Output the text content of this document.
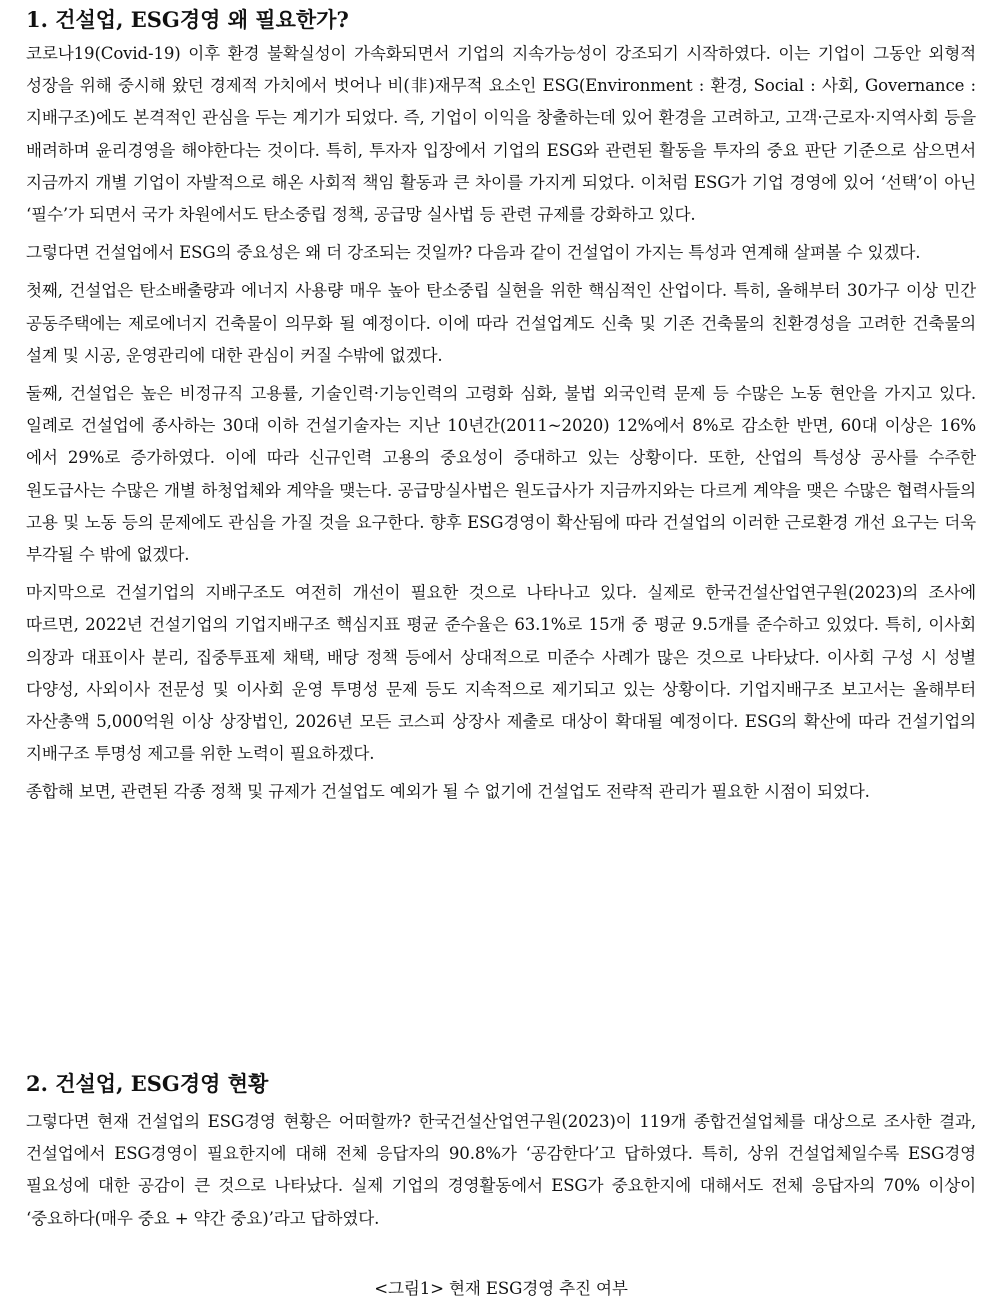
1. 건설업, ESG경영 왜 필요한가?

코로나19(Covid-19) 이후 환경 불확실성이 가속화되면서 기업의 지속가능성이 강조되기 시작하였다. 이는 기업이 그동안 외형적 성장을 위해 중시해 왔던 경제적 가치에서 벗어나 비(非)재무적 요소인 ESG(Environment : 환경, Social : 사회, Governance : 지배구조)에도 본격적인 관심을 두는 계기가 되었다. 즉, 기업이 이익을 창출하는데 있어 환경을 고려하고, 고객·근로자·지역사회 등을 배려하며 윤리경영을 해야한다는 것이다. 특히, 투자자 입장에서 기업의 ESG와 관련된 활동을 투자의 중요 판단 기준으로 삼으면서 지금까지 개별 기업이 자발적으로 해온 사회적 책임 활동과 큰 차이를 가지게 되었다. 이처럼 ESG가 기업 경영에 있어 ‘선택’이 아닌 ‘필수’가 되면서 국가 차원에서도 탄소중립 정책, 공급망 실사법 등 관련 규제를 강화하고 있다.

그렇다면 건설업에서 ESG의 중요성은 왜 더 강조되는 것일까? 다음과 같이 건설업이 가지는 특성과 연계해 살펴볼 수 있겠다.

첫째, 건설업은 탄소배출량과 에너지 사용량 매우 높아 탄소중립 실현을 위한 핵심적인 산업이다. 특히, 올해부터 30가구 이상 민간 공동주택에는 제로에너지 건축물이 의무화 될 예정이다. 이에 따라 건설업계도 신축 및 기존 건축물의 친환경성을 고려한 건축물의 설계 및 시공, 운영관리에 대한 관심이 커질 수밖에 없겠다.

둘째, 건설업은 높은 비정규직 고용률, 기술인력·기능인력의 고령화 심화, 불법 외국인력 문제 등 수많은 노동 현안을 가지고 있다. 일례로 건설업에 종사하는 30대 이하 건설기술자는 지난 10년간(2011~2020) 12%에서 8%로 감소한 반면, 60대 이상은 16%에서 29%로 증가하였다. 이에 따라 신규인력 고용의 중요성이 증대하고 있는 상황이다. 또한, 산업의 특성상 공사를 수주한 원도급사는 수많은 개별 하청업체와 계약을 맺는다. 공급망실사법은 원도급사가 지금까지와는 다르게 계약을 맺은 수많은 협력사들의 고용 및 노동 등의 문제에도 관심을 가질 것을 요구한다. 향후 ESG경영이 확산됨에 따라 건설업의 이러한 근로환경 개선 요구는 더욱 부각될 수 밖에 없겠다.

마지막으로 건설기업의 지배구조도 여전히 개선이 필요한 것으로 나타나고 있다. 실제로 한국건설산업연구원(2023)의 조사에 따르면, 2022년 건설기업의 기업지배구조 핵심지표 평균 준수율은 63.1%로 15개 중 평균 9.5개를 준수하고 있었다. 특히, 이사회 의장과 대표이사 분리, 집중투표제 채택, 배당 정책 등에서 상대적으로 미준수 사례가 많은 것으로 나타났다. 이사회 구성 시 성별 다양성, 사외이사 전문성 및 이사회 운영 투명성 문제 등도 지속적으로 제기되고 있는 상황이다. 기업지배구조 보고서는 올해부터 자산총액 5,000억원 이상 상장법인, 2026년 모든 코스피 상장사 제출로 대상이 확대될 예정이다. ESG의 확산에 따라 건설기업의 지배구조 투명성 제고를 위한 노력이 필요하겠다.

종합해 보면, 관련된 각종 정책 및 규제가 건설업도 예외가 될 수 없기에 건설업도 전략적 관리가 필요한 시점이 되었다.

2. 건설업, ESG경영 현황

그렇다면 현재 건설업의 ESG경영 현황은 어떠할까? 한국건설산업연구원(2023)이 119개 종합건설업체를 대상으로 조사한 결과, 건설업에서 ESG경영이 필요한지에 대해 전체 응답자의 90.8%가 ‘공감한다’고 답하였다. 특히, 상위 건설업체일수록 ESG경영 필요성에 대한 공감이 큰 것으로 나타났다. 실제 기업의 경영활동에서 ESG가 중요한지에 대해서도 전체 응답자의 70% 이상이 ‘중요하다(매우 중요 + 약간 중요)’라고 답하였다.

<그림1> 현재 ESG경영 추진 여부
